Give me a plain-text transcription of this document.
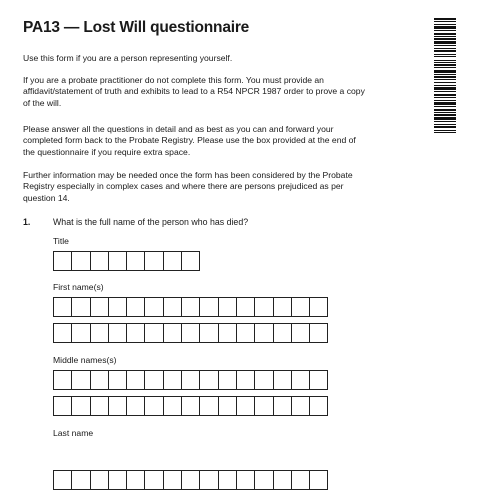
PA13 — Lost Will questionnaire

Use this form if you are a person representing yourself.

If you are a probate practitioner do not complete this form. You must provide an affidavit/statement of truth and exhibits to lead to a R54 NPCR 1987 order to prove a copy of the will.

Please answer all the questions in detail and as best as you can and forward your completed form back to the Probate Registry. Please use the box provided at the end of the questionnaire if you require extra space.

Further information may be needed once the form has been considered by the Probate Registry especially in complex cases and where there are persons prejudiced as per question 14.

1.	What is the full name of the person who has died?
Title
First name(s)
Middle names(s)
Last name
